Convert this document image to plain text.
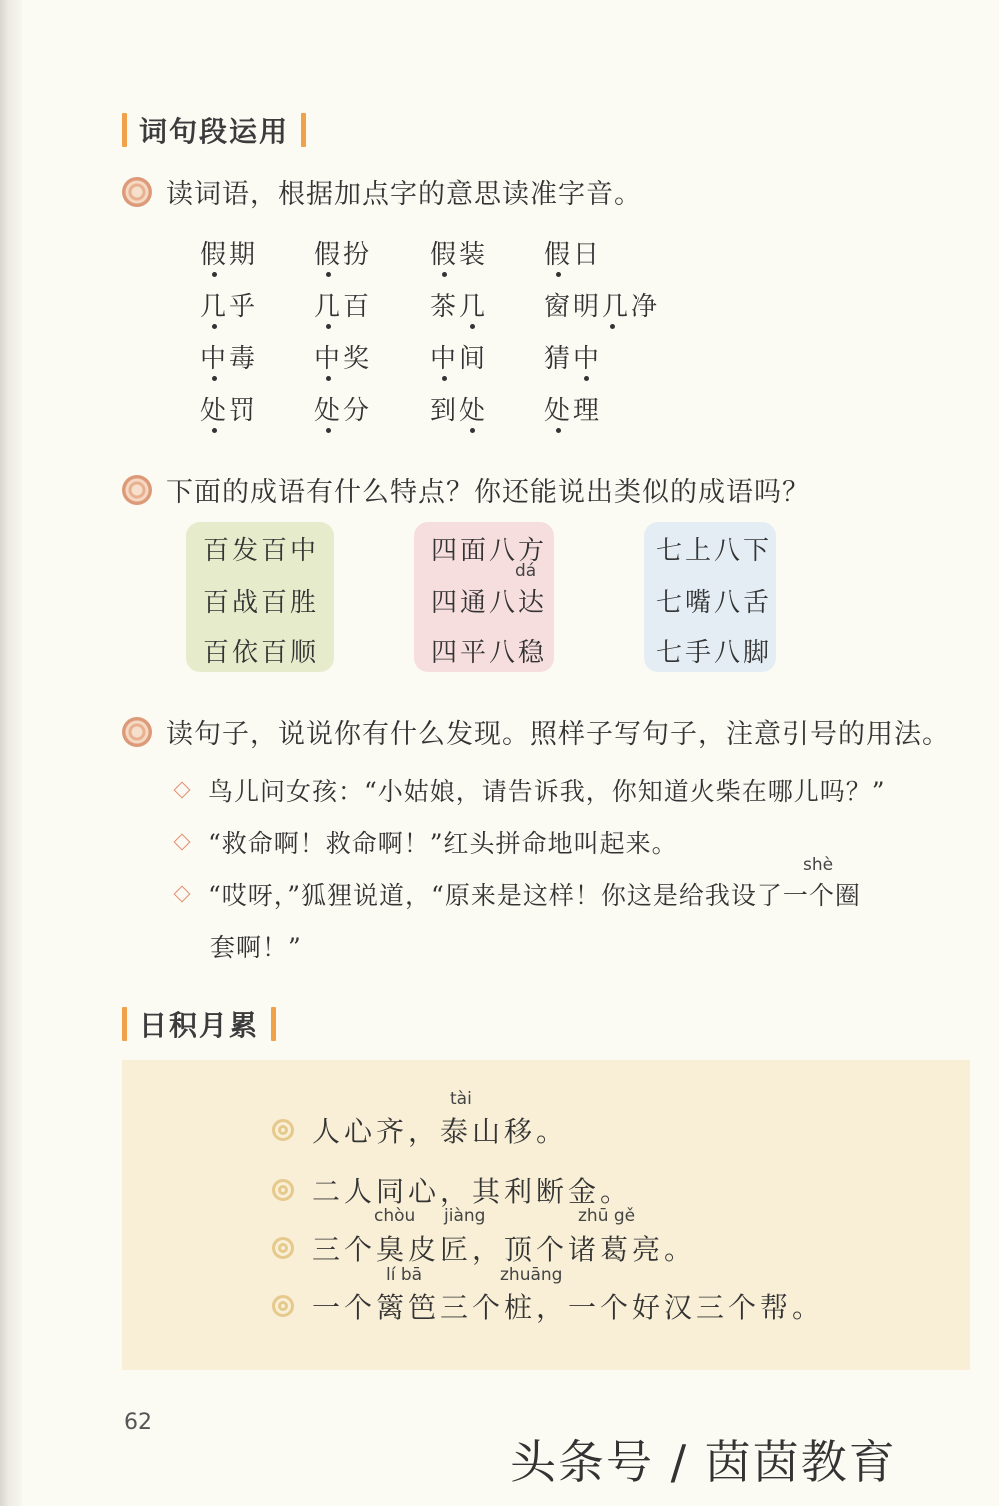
词句段运用
读词语，根据加点字的意思读准字音。
假期 假扮 假装 假日
几乎 几百 茶几 窗明几净
中毒 中奖 中间 猜中
处罚 处分 到处 处理
下面的成语有什么特点？你还能说出类似的成语吗？
百发百中
百战百胜
百依百顺
四面八方
dá
四通八达
四平八稳
七上八下
七嘴八舌
七手八脚
读句子，说说你有什么发现。照样子写句子，注意引号的用法。
鸟儿问女孩：“小姑娘，请告诉我，你知道火柴在哪儿吗？”
“救命啊！救命啊！”红头拼命地叫起来。
shè
“哎呀，”狐狸说道，“原来是这样！你这是给我设了一个圈
套啊！”
日积月累
tài
人心齐，泰山移。
二人同心，其利断金。
chòu jiàng	zhū gě
三个臭皮匠，顶个诸葛亮。
lí bā	zhuāng
一个篱笆三个桩，一个好汉三个帮。
62
头条号 / 茵茵教育
